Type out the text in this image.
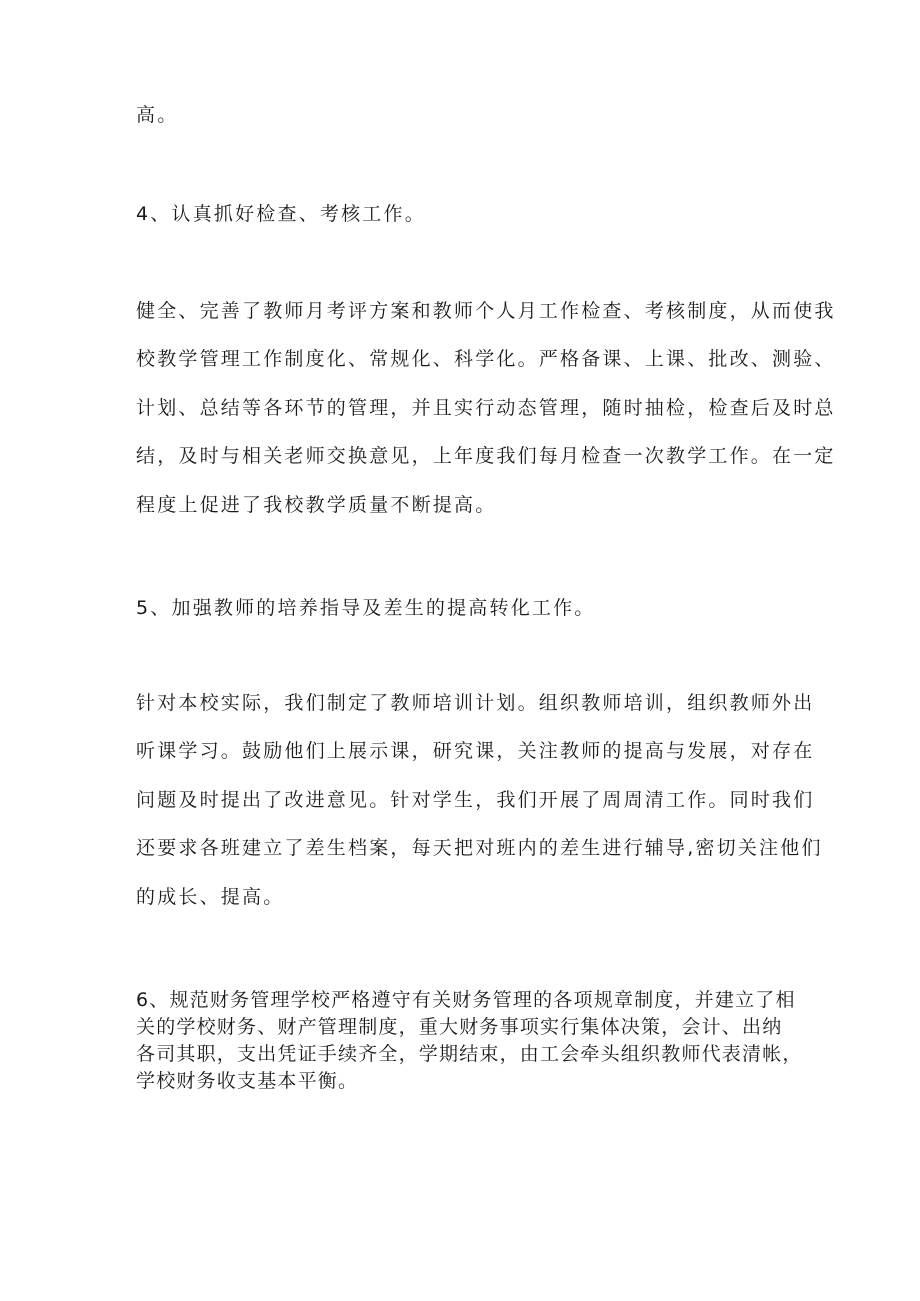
高。
4、认真抓好检查、考核工作。
健全、完善了教师月考评方案和教师个人月工作检查、考核制度，从而使我
校教学管理工作制度化、常规化、科学化。严格备课、上课、批改、测验、
计划、总结等各环节的管理，并且实行动态管理，随时抽检，检查后及时总
结，及时与相关老师交换意见，上年度我们每月检查一次教学工作。在一定
程度上促进了我校教学质量不断提高。
5、加强教师的培养指导及差生的提高转化工作。
针对本校实际，我们制定了教师培训计划。组织教师培训，组织教师外出
听课学习。鼓励他们上展示课，研究课，关注教师的提高与发展，对存在
问题及时提出了改进意见。针对学生，我们开展了周周清工作。同时我们
还要求各班建立了差生档案，每天把对班内的差生进行辅导,密切关注他们
的成长、提高。
6、规范财务管理学校严格遵守有关财务管理的各项规章制度，并建立了相
关的学校财务、财产管理制度，重大财务事项实行集体决策，会计、出纳
各司其职，支出凭证手续齐全，学期结束，由工会牵头组织教师代表清帐，
学校财务收支基本平衡。
